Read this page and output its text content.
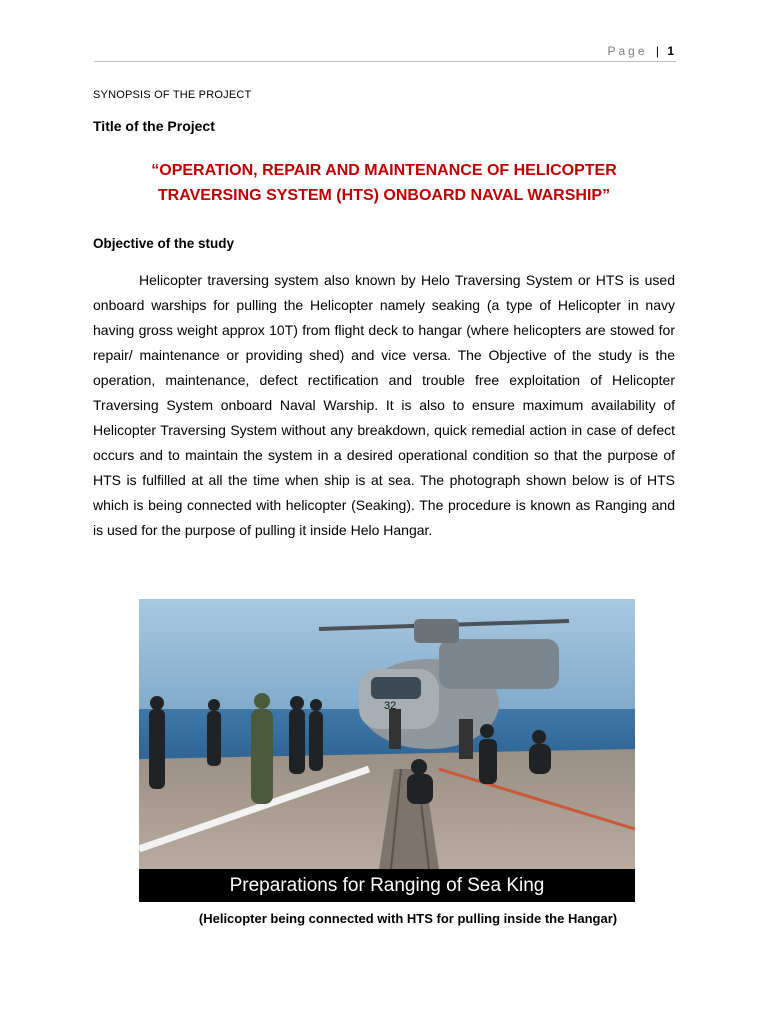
Page | 1
SYNOPSIS OF THE PROJECT
Title of the Project
“OPERATION, REPAIR AND MAINTENANCE OF HELICOPTER
TRAVERSING SYSTEM (HTS) ONBOARD NAVAL WARSHIP”
Objective of the study
Helicopter traversing system also known by Helo Traversing System or HTS is used onboard warships for pulling the Helicopter namely seaking (a type of Helicopter in navy having gross weight approx 10T) from flight deck to hangar (where helicopters are stowed for repair/ maintenance or providing shed) and vice versa. The Objective of the study is the operation, maintenance, defect rectification and trouble free exploitation of Helicopter Traversing System onboard Naval Warship. It is also to ensure maximum availability of Helicopter Traversing System without any breakdown, quick remedial action in case of defect occurs and to maintain the system in a desired operational condition so that the purpose of HTS is fulfilled at all the time when ship is at sea. The photograph shown below is of HTS which is being connected with helicopter (Seaking). The procedure is known as Ranging and is used for the purpose of pulling it inside Helo Hangar.
32
Preparations for Ranging of Sea King
(Helicopter being connected with HTS for pulling inside the Hangar)
